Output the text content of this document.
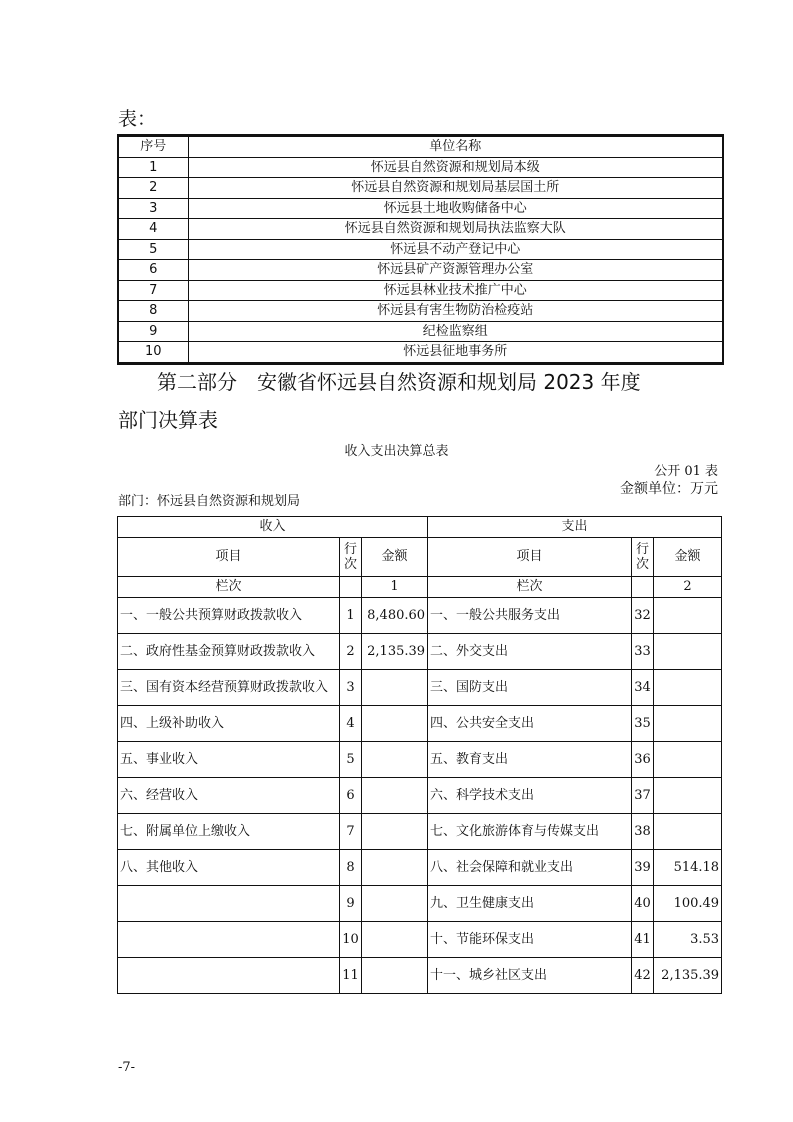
表：
序号	单位名称
1	怀远县自然资源和规划局本级
2	怀远县自然资源和规划局基层国土所
3	怀远县土地收购储备中心
4	怀远县自然资源和规划局执法监察大队
5	怀远县不动产登记中心
6	怀远县矿产资源管理办公室
7	怀远县林业技术推广中心
8	怀远县有害生物防治检疫站
9	纪检监察组
10	怀远县征地事务所
第二部分　安徽省怀远县自然资源和规划局 2023 年度
部门决算表
收入支出决算总表
公开 01 表
部门：怀远县自然资源和规划局
金额单位：万元
收入			支出		
项目	行次	金额	项目	行次	金额
栏次		1	栏次		2
一、一般公共预算财政拨款收入	1	8,480.60	一、一般公共服务支出	32	
二、政府性基金预算财政拨款收入	2	2,135.39	二、外交支出	33	
三、国有资本经营预算财政拨款收入	3		三、国防支出	34	
四、上级补助收入	4		四、公共安全支出	35	
五、事业收入	5		五、教育支出	36	
六、经营收入	6		六、科学技术支出	37	
七、附属单位上缴收入	7		七、文化旅游体育与传媒支出	38	
八、其他收入	8		八、社会保障和就业支出	39	514.18
	9		九、卫生健康支出	40	100.49
	10		十、节能环保支出	41	3.53
	11		十一、城乡社区支出	42	2,135.39
-7-
